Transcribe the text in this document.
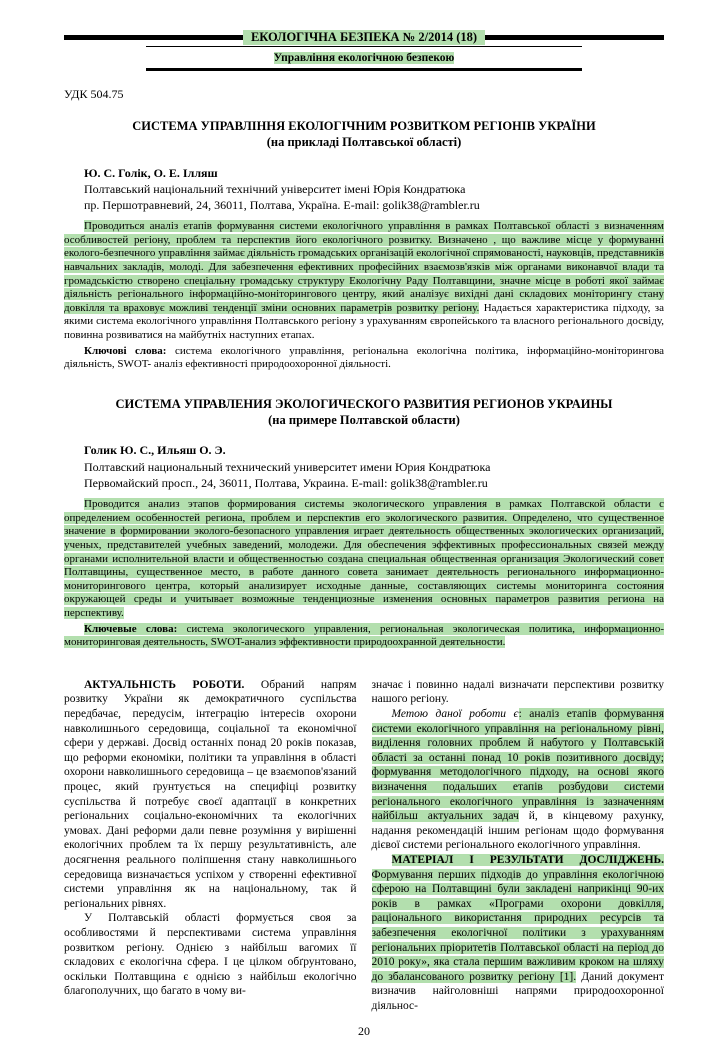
ЕКОЛОГІЧНА БЕЗПЕКА № 2/2014 (18)
Управління екологічною безпекою
УДК 504.75
СИСТЕМА УПРАВЛІННЯ ЕКОЛОГІЧНИМ РОЗВИТКОМ РЕГІОНІВ УКРАЇНИ
(на прикладі Полтавської області)
Ю. С. Голік, О. Е. Ілляш
Полтавський національний технічний університет імені Юрія Кондратюка
пр. Першотравневий, 24, 36011, Полтава, Україна. E-mail: golik38@rambler.ru

Проводиться аналіз етапів формування системи екологічного управління в рамках Полтавської області з визначенням особливостей регіону, проблем та перспектив його екологічного розвитку. Визначено , що важливе місце у формуванні еколого-безпечного управління займає діяльність громадських організацій екологічної спрямованості, науковців, представників навчальних закладів, молоді. Для забезпечення ефективних професійних взаємозв'язків між органами виконавчої влади та громадськістю створено спеціальну громадську структуру Екологічну Раду Полтавщини, значне місце в роботі якої займає діяльність регіонального інформаційно-моніторингового центру, який аналізує вихідні дані складових моніторингу стану довкілля та враховує можливі тенденції зміни основних параметрів розвитку регіону. Надається характеристика підходу, за якими система екологічного управління Полтавського регіону з урахуванням європейського та власного регіонального досвіду, повинна розвиватися на майбутніх наступних етапах.

Ключові слова: система екологічного управління, регіональна екологічна політика, інформаційно-моніторингова діяльність, SWOT- аналіз ефективності природоохоронної діяльності.

СИСТЕМА УПРАВЛЕНИЯ ЭКОЛОГИЧЕСКОГО РАЗВИТИЯ РЕГИОНОВ УКРАИНЫ
(на примере Полтавской области)
Голик Ю. С., Ильяш О. Э.
Полтавский национальный технический университет имени Юрия Кондратюка
Первомайский просп., 24, 36011, Полтава, Украина. E-mail: golik38@rambler.ru

Проводится анализ этапов формирования системы экологического управления в рамках Полтавской области с определением особенностей региона, проблем и перспектив его экологического развития. Определено, что существенное значение в формировании эколого-безопасного управления играет деятельность общественных экологических организаций, ученых, представителей учебных заведений, молодежи. Для обеспечения эффективных профессиональных связей между органами исполнительной власти и общественностью создана специальная общественная организация Экологический совет Полтавщины, существенное место, в работе данного совета занимает деятельность регионального информационно-мониторингового центра, который анализирует исходные данные, составляющих системы мониторинга состояния окружающей среды и учитывает возможные тенденциозные изменения основных параметров развития региона на перспективу.

Ключевые слова: система экологического управления, региональная экологическая политика, информационно-мониторинговая деятельность, SWOT-анализ эффективности природоохранной деятельности.

АКТУАЛЬНІСТЬ РОБОТИ. Обраний напрям розвитку України як демократичного суспільства передбачає, передусім, інтеграцію інтересів охорони навколишнього середовища, соціальної та економічної сфери у державі. Досвід останніх понад 20 років показав, що реформи економіки, політики та управління в області охорони навколишнього середовища – це взаємопов'язаний процес, який ґрунтується на специфіці розвитку суспільства й потребує своєї адаптації в конкретних регіональних соціально-економічних та екологічних умовах. Дані реформи дали певне розуміння у вирішенні екологічних проблем та їх першу результативність, але досягнення реального поліпшення стану навколишнього середовища визначається успіхом у створенні ефективної системи управління як на національному, так й регіональних рівнях.

У Полтавській області формується своя за особливостями й перспективами система управління розвитком регіону. Однією з найбільш вагомих її складових є екологічна сфера. І це цілком обґрунтовано, оскільки Полтавщина є однією з найбільш екологічно благополучних, що багато в чому ви-

значає і повинно надалі визначати перспективи розвитку нашого регіону.

Метою даної роботи є: аналіз етапів формування системи екологічного управління на регіональному рівні, виділення головних проблем й набутого у Полтавській області за останні понад 10 років позитивного досвіду; формування методологічного підходу, на основі якого визначення подальших етапів розбудови системи регіонального екологічного управління із зазначенням найбільш актуальних задач й, в кінцевому рахунку, надання рекомендацій іншим регіонам щодо формування дієвої системи регіонального екологічного управління.

МАТЕРІАЛ І РЕЗУЛЬТАТИ ДОСЛІДЖЕНЬ. Формування перших підходів до управління екологічною сферою на Полтавщині були закладені наприкінці 90-их років в рамках «Програми охорони довкілля, раціонального використання природних ресурсів та забезпечення екологічної політики з урахуванням регіональних пріоритетів Полтавської області на період до 2010 року», яка стала першим важливим кроком на шляху до збалансованого розвитку регіону [1]. Даний документ визначив найголовніші напрями природоохоронної діяльнос-

20
